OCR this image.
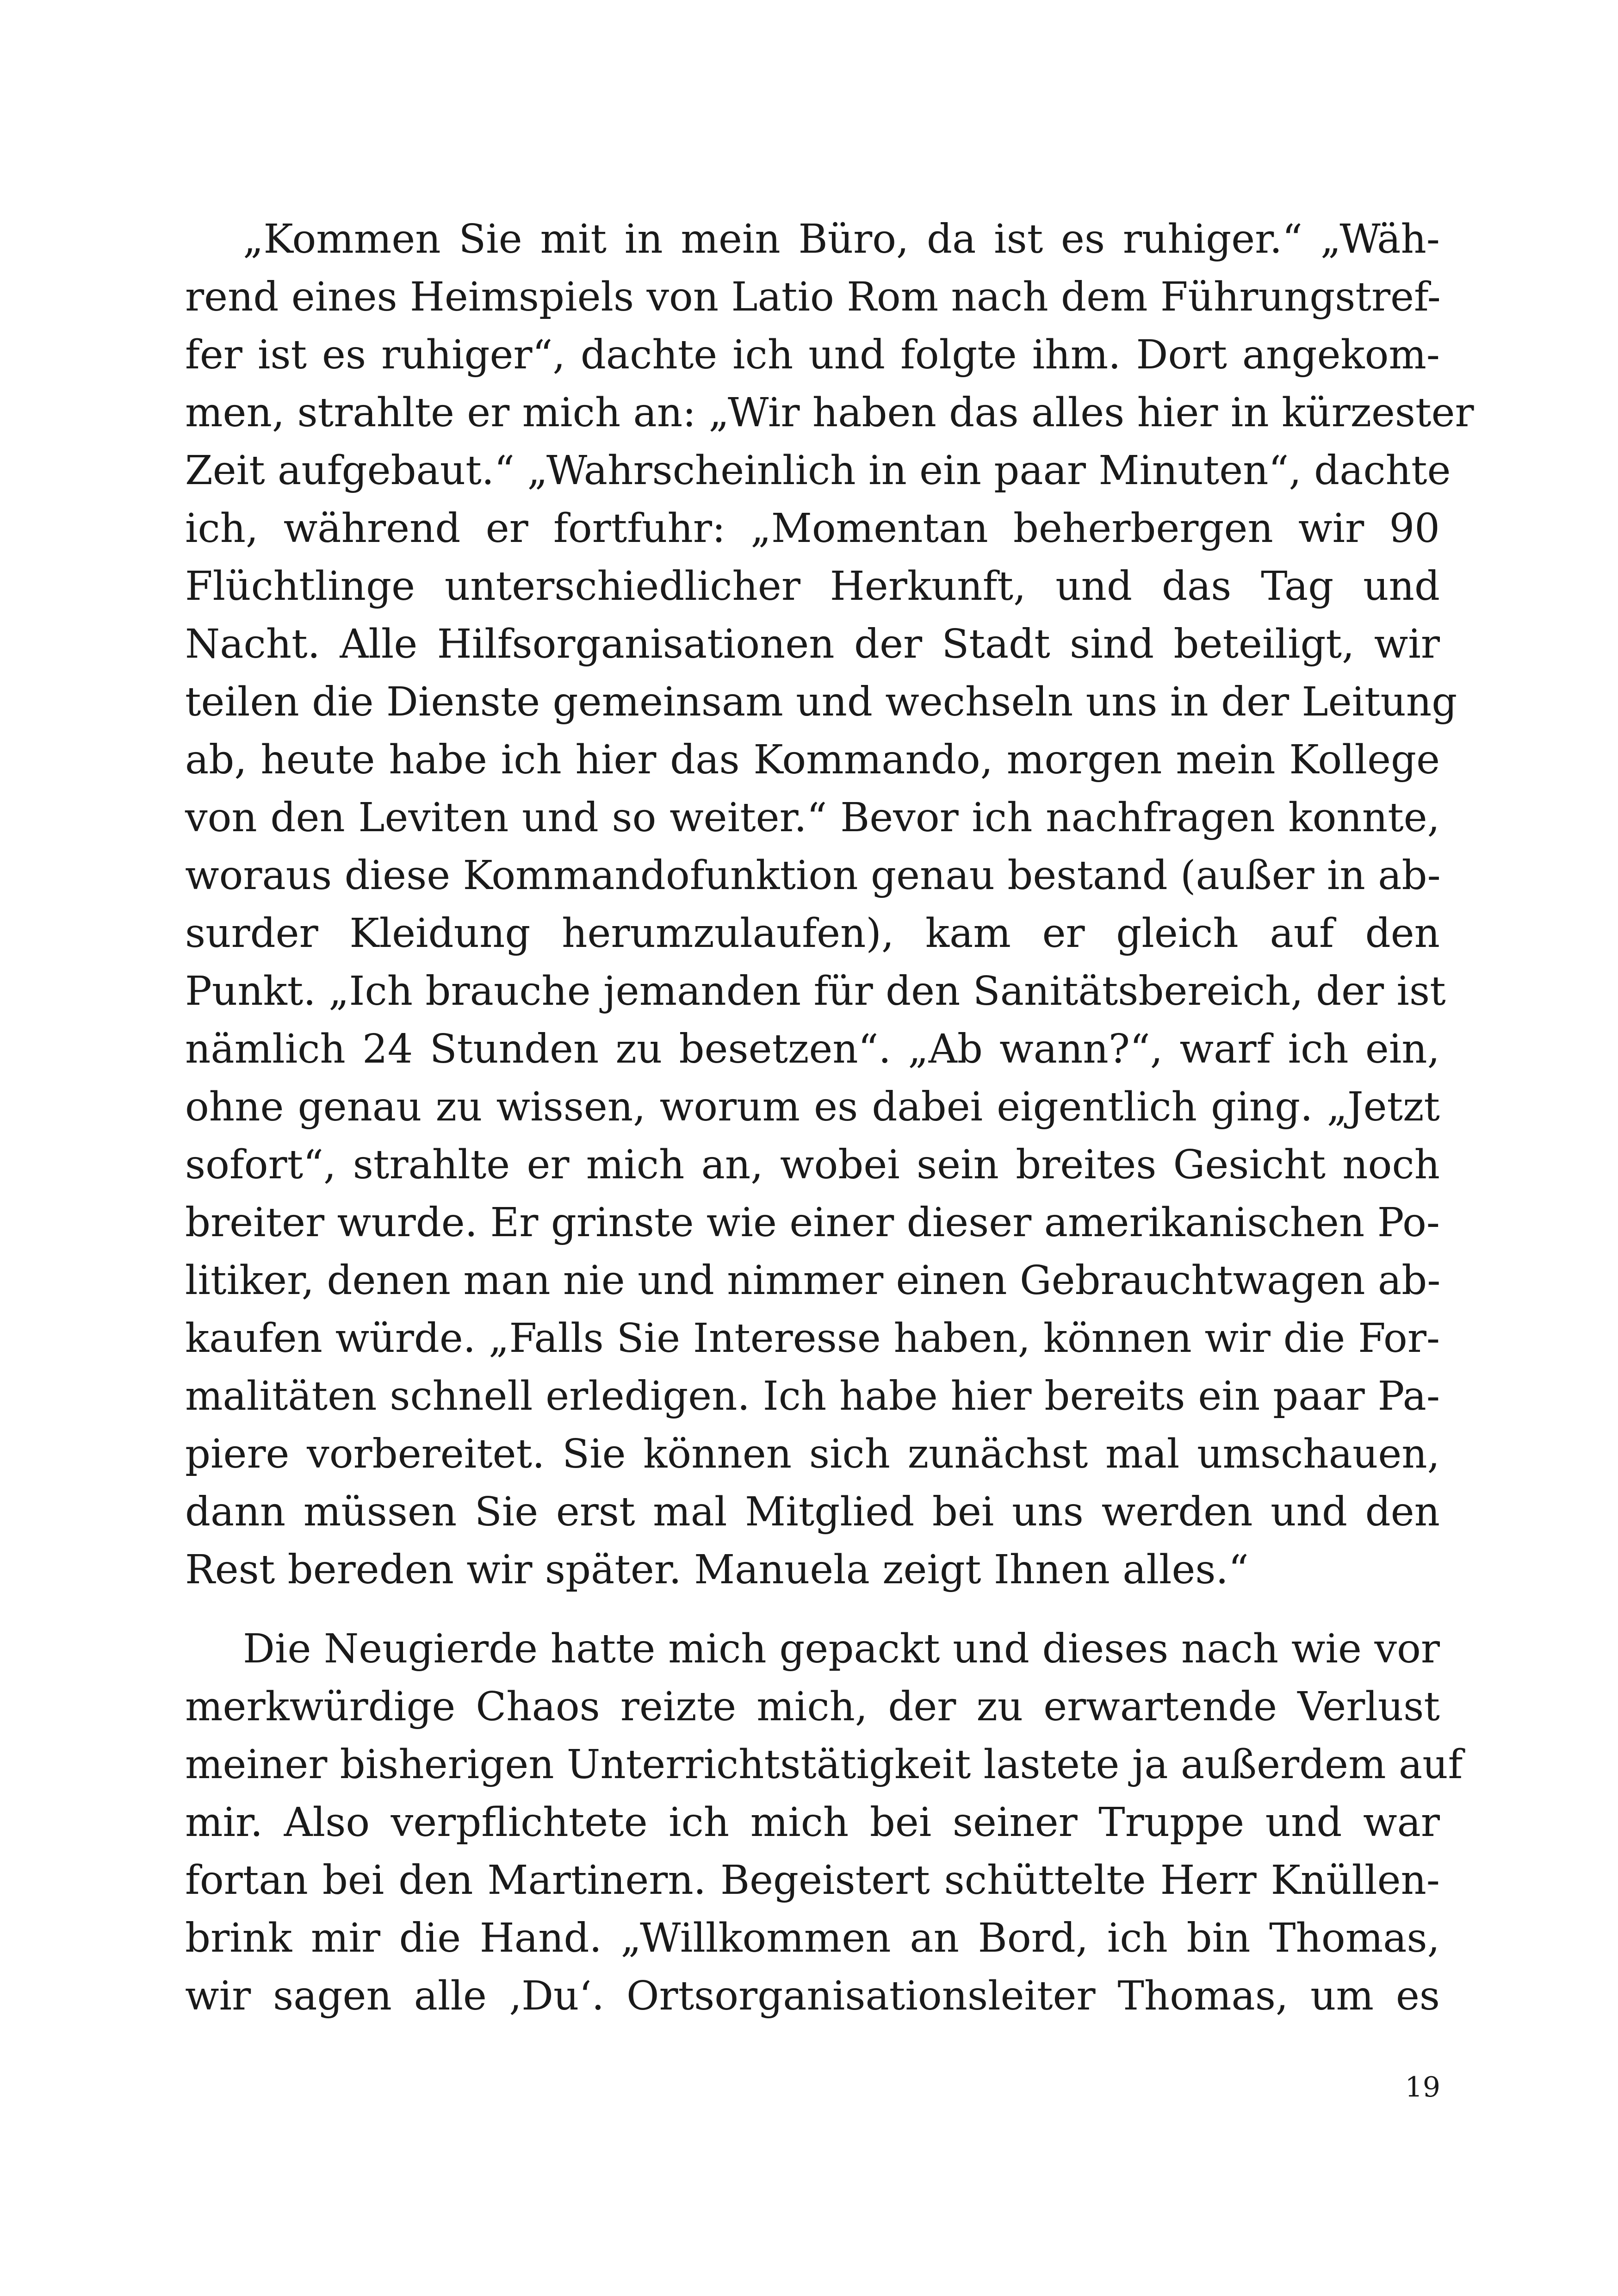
„Kommen Sie mit in mein Büro, da ist es ruhiger.“ „Wäh-
rend eines Heimspiels von Latio Rom nach dem Führungstref-
fer ist es ruhiger“, dachte ich und folgte ihm. Dort angekom-
men, strahlte er mich an: „Wir haben das alles hier in kürzester
Zeit aufgebaut.“ „Wahrscheinlich in ein paar Minuten“, dachte
ich, während er fortfuhr: „Momentan beherbergen wir 90
Flüchtlinge unterschiedlicher Herkunft, und das Tag und
Nacht. Alle Hilfsorganisationen der Stadt sind beteiligt, wir
teilen die Dienste gemeinsam und wechseln uns in der Leitung
ab, heute habe ich hier das Kommando, morgen mein Kollege
von den Leviten und so weiter.“ Bevor ich nachfragen konnte,
woraus diese Kommandofunktion genau bestand (außer in ab-
surder Kleidung herumzulaufen), kam er gleich auf den
Punkt. „Ich brauche jemanden für den Sanitätsbereich, der ist
nämlich 24 Stunden zu besetzen“. „Ab wann?“, warf ich ein,
ohne genau zu wissen, worum es dabei eigentlich ging. „Jetzt
sofort“, strahlte er mich an, wobei sein breites Gesicht noch
breiter wurde. Er grinste wie einer dieser amerikanischen Po-
litiker, denen man nie und nimmer einen Gebrauchtwagen ab-
kaufen würde. „Falls Sie Interesse haben, können wir die For-
malitäten schnell erledigen. Ich habe hier bereits ein paar Pa-
piere vorbereitet. Sie können sich zunächst mal umschauen,
dann müssen Sie erst mal Mitglied bei uns werden und den
Rest bereden wir später. Manuela zeigt Ihnen alles.“

Die Neugierde hatte mich gepackt und dieses nach wie vor
merkwürdige Chaos reizte mich, der zu erwartende Verlust
meiner bisherigen Unterrichtstätigkeit lastete ja außerdem auf
mir. Also verpflichtete ich mich bei seiner Truppe und war
fortan bei den Martinern. Begeistert schüttelte Herr Knüllen-
brink mir die Hand. „Willkommen an Bord, ich bin Thomas,
wir sagen alle ‚Du‘. Ortsorganisationsleiter Thomas, um es

19
